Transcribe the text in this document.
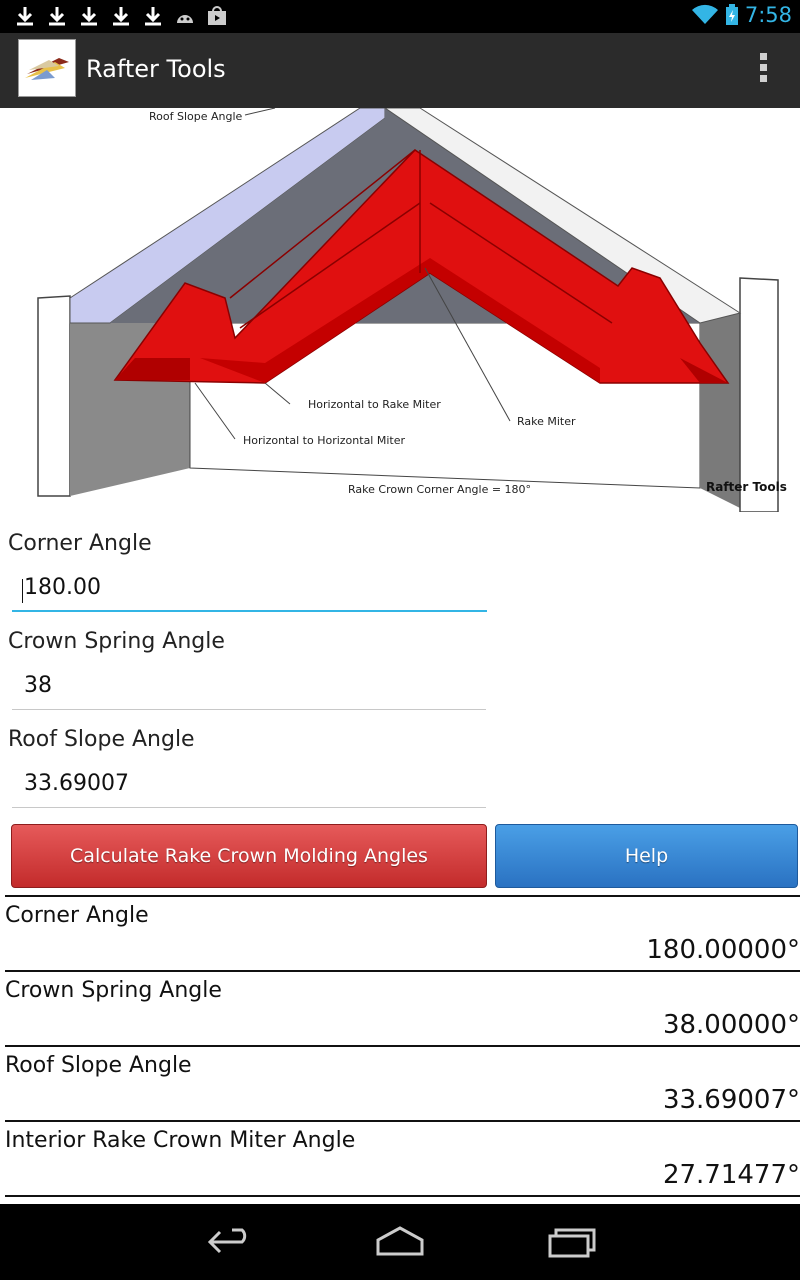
7:58
Rafter Tools
Roof Slope Angle
Horizontal to Rake Miter
Horizontal to Horizontal Miter
Rake Miter
Rake Crown Corner Angle = 180°	Rafter Tools
Corner Angle
180.00
Crown Spring Angle
38
Roof Slope Angle
33.69007
Calculate Rake Crown Molding Angles	Help
Corner Angle
180.00000°
Crown Spring Angle
38.00000°
Roof Slope Angle
33.69007°
Interior Rake Crown Miter Angle
27.71477°
